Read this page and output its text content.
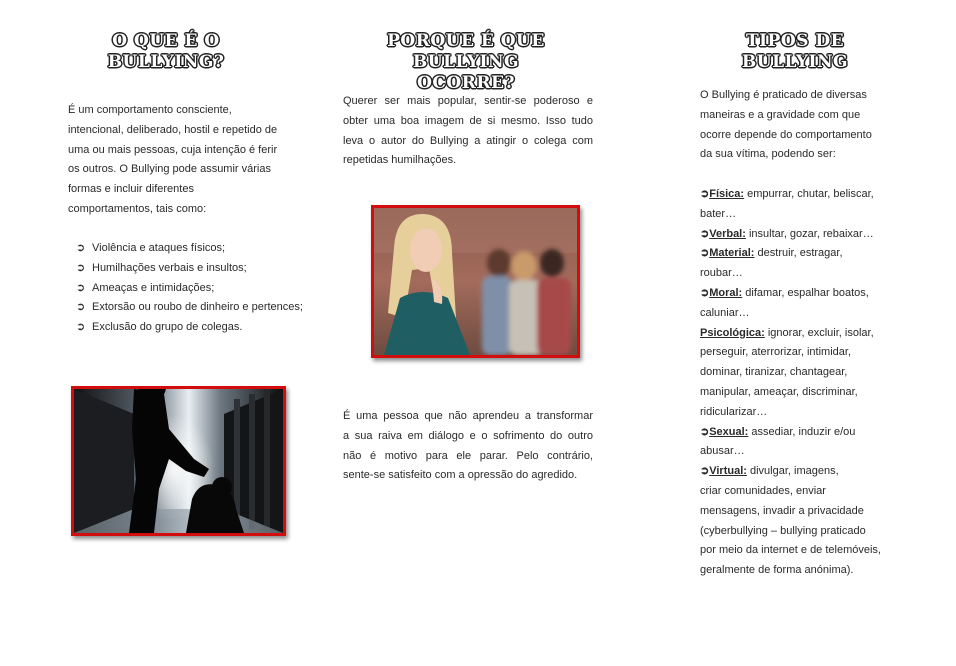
O QUE É O
BULLYING?

É um comportamento consciente,

intencional, deliberado, hostil e repetido de

uma ou mais pessoas, cuja intenção é ferir

os outros. O Bullying pode assumir várias

formas e incluir diferentes

comportamentos, tais como:

➲ Violência e ataques físicos;
➲ Humilhações verbais e insultos;
➲ Ameaças e intimidações;
➲ Extorsão ou roubo de dinheiro e pertences;
➲ Exclusão do grupo de colegas.
PORQUE É QUE BULLYING
OCORRE?

Querer ser mais popular, sentir-se poderoso e

obter uma boa imagem de si mesmo. Isso tudo

leva o autor do Bullying a atingir o colega com

repetidas humilhações.

É uma pessoa que não aprendeu a transformar

a sua raiva em diálogo e o sofrimento do outro

não é motivo para ele parar. Pelo contrário,

sente-se satisfeito com a opressão do agredido.

TIPOS DE
BULLYING

O Bullying é praticado de diversas

maneiras e a gravidade com que

ocorre depende do comportamento

da sua vítima, podendo ser:

➲Física: empurrar, chutar, beliscar,
bater…
➲Verbal: insultar, gozar, rebaixar…
➲Material: destruir, estragar,
roubar…
➲Moral: difamar, espalhar boatos,
caluniar…
Psicológica: ignorar, excluir, isolar,
perseguir, aterrorizar, intimidar,
dominar, tiranizar, chantagear,
manipular, ameaçar, discriminar,
ridicularizar…
➲Sexual: assediar, induzir e/ou
abusar…
➲Virtual: divulgar, imagens,
criar comunidades, enviar
mensagens, invadir a privacidade
(cyberbullying – bullying praticado
por meio da internet e de telemóveis,
geralmente de forma anónima).
